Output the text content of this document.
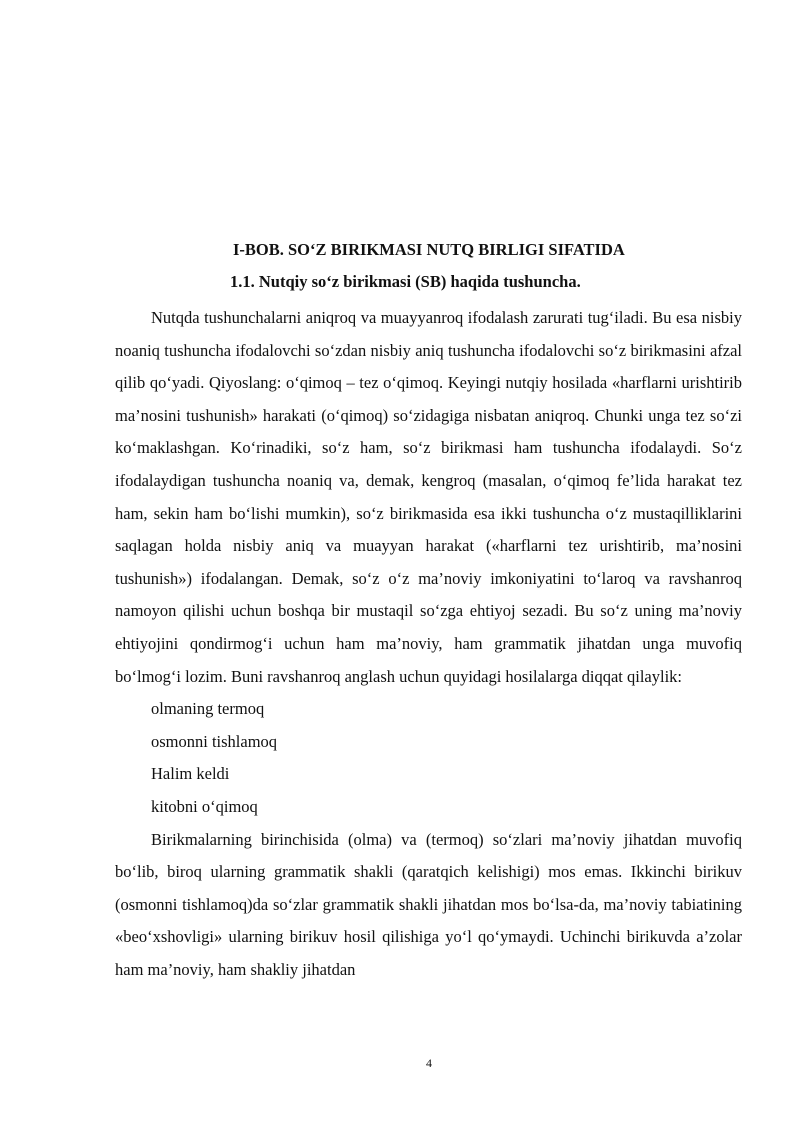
I-BOB. SO‘Z BIRIKMASI NUTQ BIRLIGI SIFATIDA
1.1. Nutqiy so‘z birikmasi (SB) haqida tushuncha.

Nutqda tushunchalarni aniqroq va muayyanroq ifodalash zarurati tug‘iladi. Bu esa nisbiy noaniq tushuncha ifodalovchi so‘zdan nisbiy aniq tushuncha ifodalovchi so‘z birikmasini afzal qilib qo‘yadi. Qiyoslang: o‘qimoq – tez o‘qimoq. Keyingi nutqiy hosilada «harflarni urishtirib ma’nosini tushunish» harakati (o‘qimoq) so‘zidagiga nisbatan aniqroq. Chunki unga tez so‘zi ko‘maklashgan. Ko‘rinadiki, so‘z ham, so‘z birikmasi ham tushuncha ifodalaydi. So‘z ifodalaydigan tushuncha noaniq va, demak, kengroq (masalan, o‘qimoq fe’lida harakat tez ham, sekin ham bo‘lishi mumkin), so‘z birikmasida esa ikki tushuncha o‘z mustaqilliklarini saqlagan holda nisbiy aniq va muayyan harakat («harflarni tez urishtirib, ma’nosini tushunish») ifodalangan. Demak, so‘z o‘z ma’noviy imkoniyatini to‘laroq va ravshanroq namoyon qilishi uchun boshqa bir mustaqil so‘zga ehtiyoj sezadi. Bu so‘z uning ma’noviy ehtiyojini qondirmog‘i uchun ham ma’noviy, ham grammatik jihatdan unga muvofiq bo‘lmog‘i lozim. Buni ravshanroq anglash uchun quyidagi hosilalarga diqqat qilaylik:

olmaning termoq
osmonni tishlamoq
Halim keldi
kitobni o‘qimoq

Birikmalarning birinchisida (olma) va (termoq) so‘zlari ma’noviy jihatdan muvofiq bo‘lib, biroq ularning grammatik shakli (qaratqich kelishigi) mos emas. Ikkinchi birikuv (osmonni tishlamoq)da so‘zlar grammatik shakli jihatdan mos bo‘lsa-da, ma’noviy tabiatining «beo‘xshovligi» ularning birikuv hosil qilishiga yo‘l qo‘ymaydi. Uchinchi birikuvda a’zolar ham ma’noviy, ham shakliy jihatdan

4
